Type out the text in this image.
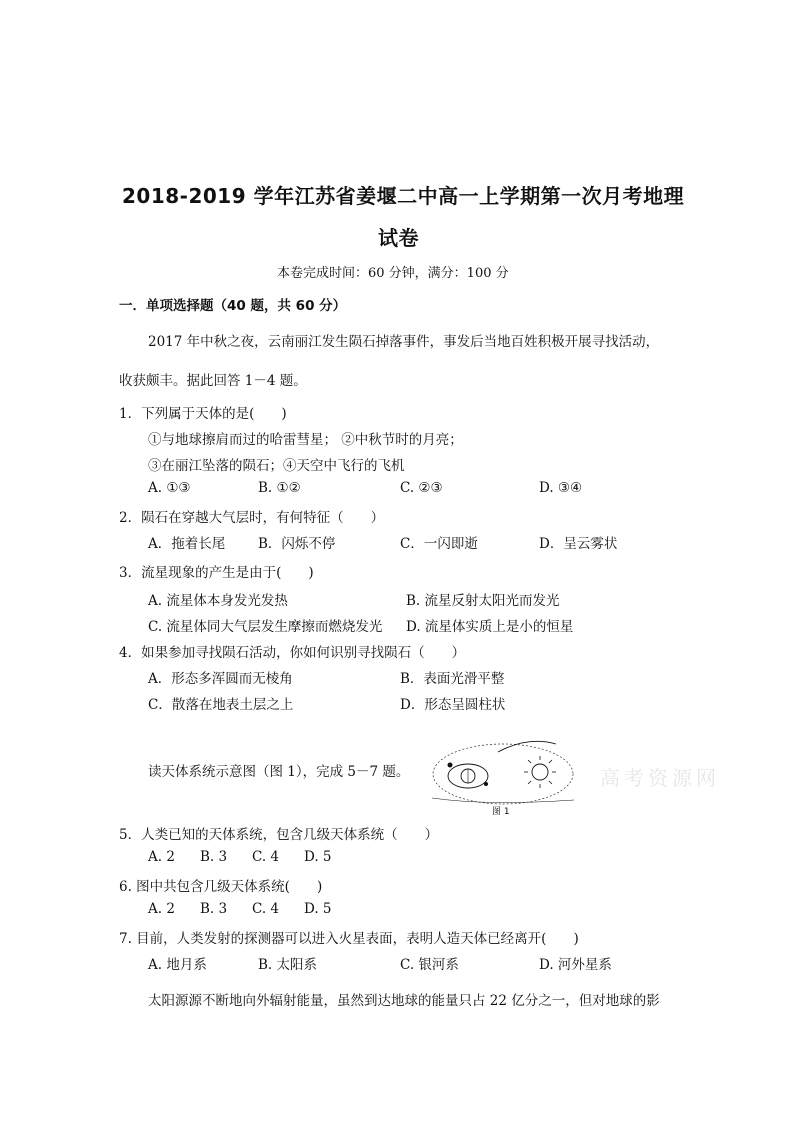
2018-2019 学年江苏省姜堰二中高一上学期第一次月考地理
试卷
本卷完成时间：60 分钟，满分：100 分
一．单项选择题（40 题，共 60 分）
2017 年中秋之夜，云南丽江发生陨石掉落事件，事发后当地百姓积极开展寻找活动，
收获颇丰。据此回答 1－4 题。
1．下列属于天体的是(　　)
①与地球擦肩而过的哈雷彗星； ②中秋节时的月亮；
③在丽江坠落的陨石；④天空中飞行的飞机
A. ①③	B. ①②	C. ②③	D. ③④
2．陨石在穿越大气层时，有何特征（　　）
A．拖着长尾 B．闪烁不停	C．一闪即逝	D．呈云雾状
3．流星现象的产生是由于(　　)
A. 流星体本身发光发热	B. 流星反射太阳光而发光
C. 流星体同大气层发生摩擦而燃烧发光 D. 流星体实质上是小的恒星
4．如果参加寻找陨石活动，你如何识别寻找陨石（　　）
A．形态多浑圆而无棱角	B．表面光滑平整
C．散落在地表土层之上	D．形态呈圆柱状
读天体系统示意图（图 1），完成 5－7 题。
图 1
高考资源网
5．人类已知的天体系统，包含几级天体系统（　　）
A. 2 B. 3 C. 4 D. 5
6. 图中共包含几级天体系统(　　)
A. 2 B. 3 C. 4 D. 5
7. 目前，人类发射的探测器可以进入火星表面，表明人造天体已经离开(　　)
A. 地月系	B. 太阳系	C. 银河系	D. 河外星系
太阳源源不断地向外辐射能量，虽然到达地球的能量只占 22 亿分之一，但对地球的影
